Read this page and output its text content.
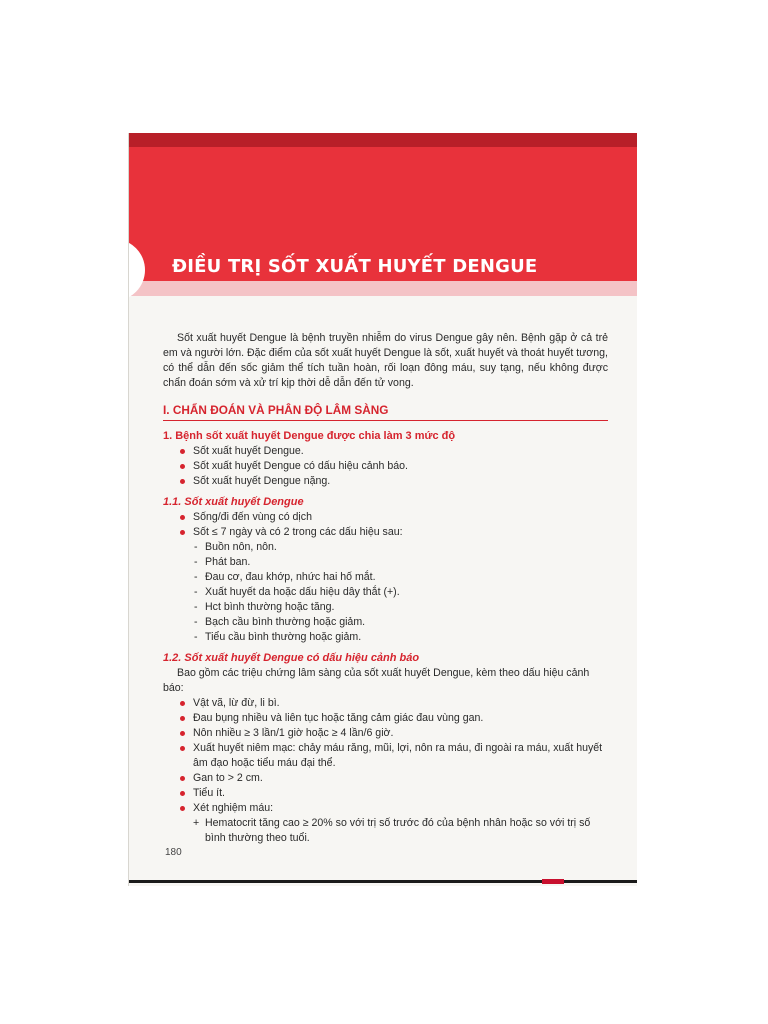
ĐIỀU TRỊ SỐT XUẤT HUYẾT DENGUE

Sốt xuất huyết Dengue là bệnh truyền nhiễm do virus Dengue gây nên. Bệnh gặp ở cả trẻ em và người lớn. Đặc điểm của sốt xuất huyết Dengue là sốt, xuất huyết và thoát huyết tương, có thể dẫn đến sốc giảm thể tích tuần hoàn, rối loạn đông máu, suy tạng, nếu không được chẩn đoán sớm và xử trí kịp thời dễ dẫn đến tử vong.

I. CHẨN ĐOÁN VÀ PHÂN ĐỘ LÂM SÀNG
1. Bệnh sốt xuất huyết Dengue được chia làm 3 mức độ
Sốt xuất huyết Dengue.
Sốt xuất huyết Dengue có dấu hiệu cảnh báo.
Sốt xuất huyết Dengue nặng.
1.1. Sốt xuất huyết Dengue
Sống/đi đến vùng có dịch
Sốt ≤ 7 ngày và có 2 trong các dấu hiệu sau:
- Buồn nôn, nôn.
- Phát ban.
- Đau cơ, đau khớp, nhức hai hố mắt.
- Xuất huyết da hoặc dấu hiệu dây thắt (+).
- Hct bình thường hoặc tăng.
- Bạch cầu bình thường hoặc giảm.
- Tiểu cầu bình thường hoặc giảm.
1.2. Sốt xuất huyết Dengue có dấu hiệu cảnh báo

Bao gồm các triệu chứng lâm sàng của sốt xuất huyết Dengue, kèm theo dấu hiệu cảnh báo:

Vật vã, lừ đừ, li bì.
Đau bụng nhiều và liên tục hoặc tăng cảm giác đau vùng gan.
Nôn nhiều ≥ 3 lần/1 giờ hoặc ≥ 4 lần/6 giờ.
Xuất huyết niêm mạc: chảy máu răng, mũi, lợi, nôn ra máu, đi ngoài ra máu, xuất huyết âm đạo hoặc tiểu máu đại thể.
Gan to > 2 cm.
Tiểu ít.
Xét nghiệm máu:
+ Hematocrit tăng cao ≥ 20% so với trị số trước đó của bệnh nhân hoặc so với trị số bình thường theo tuổi.
180
